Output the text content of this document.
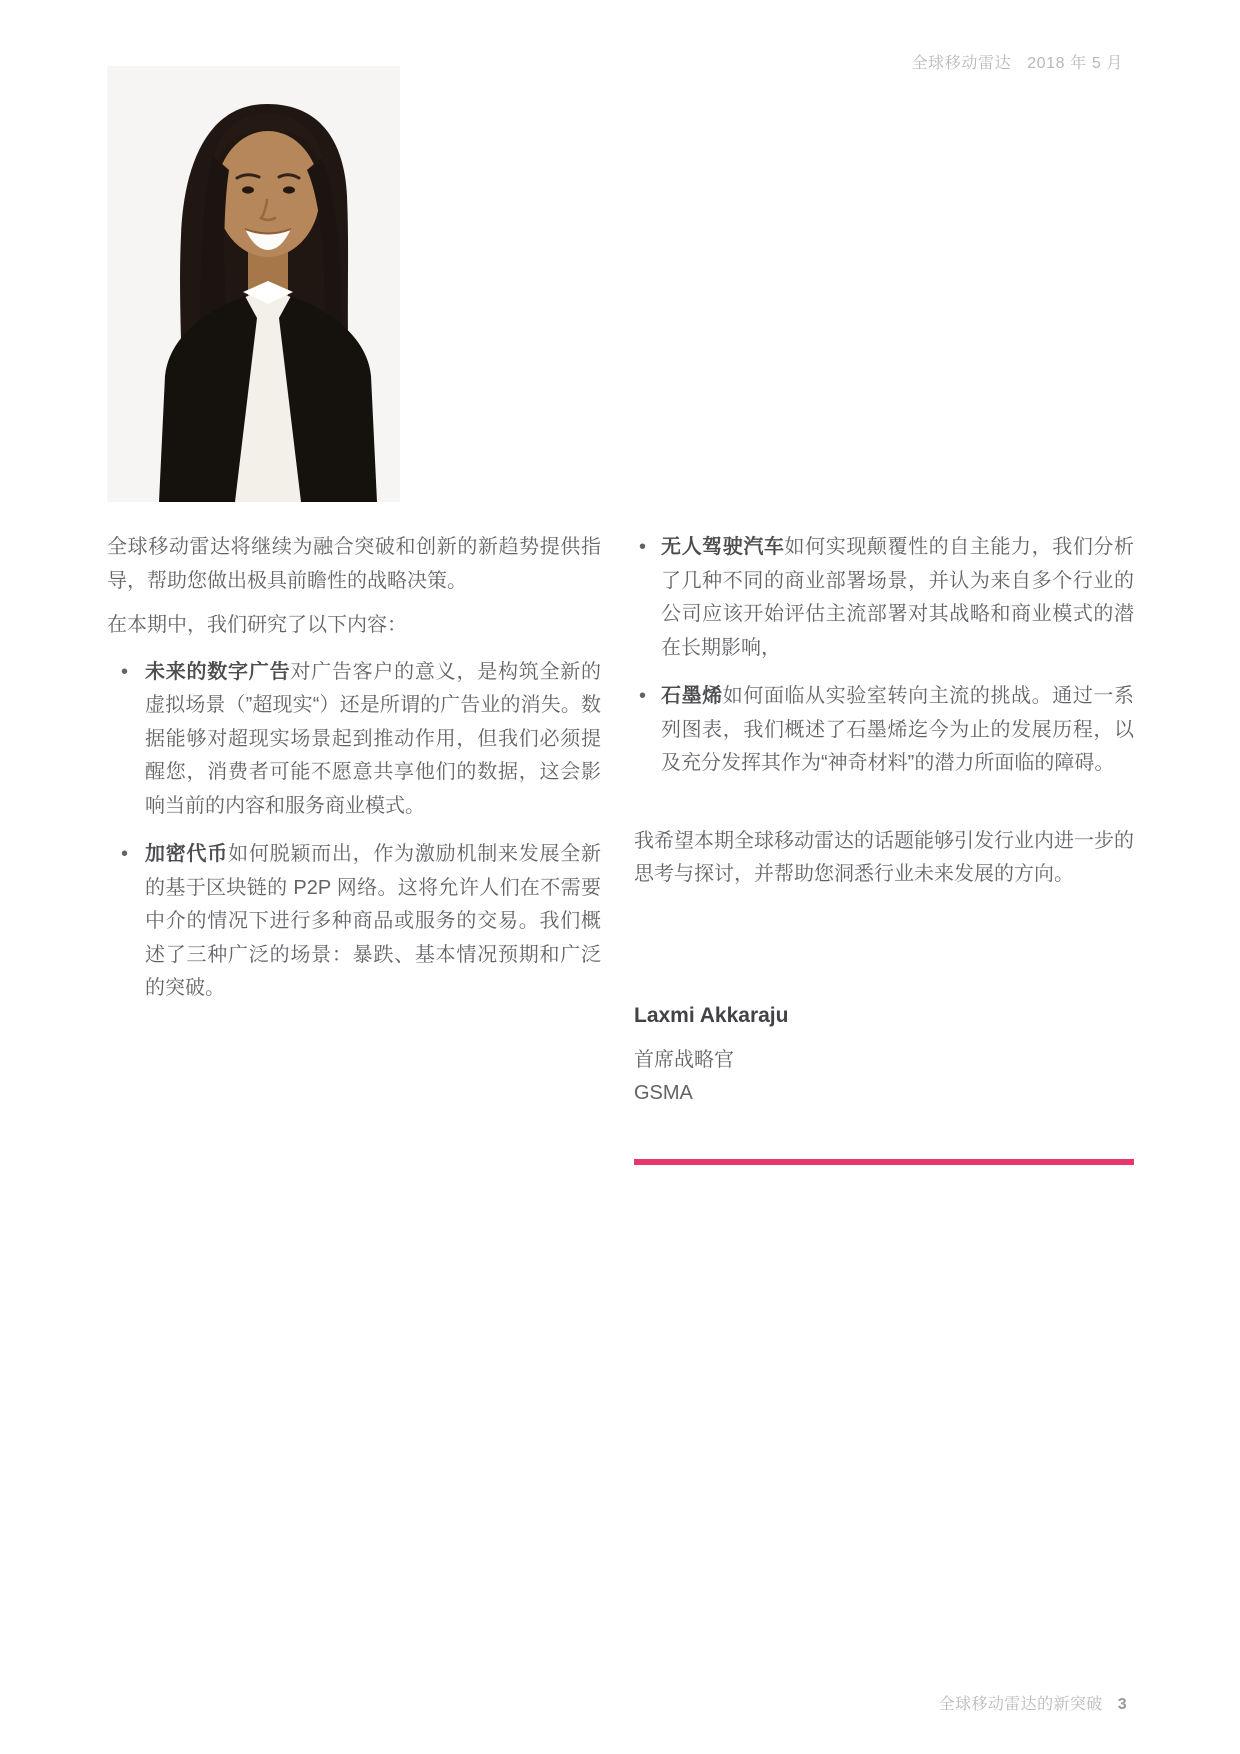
全球移动雷达 2018 年 5 月

全球移动雷达将继续为融合突破和创新的新趋势提供指导，帮助您做出极具前瞻性的战略决策。

在本期中，我们研究了以下内容：

• 未来的数字广告对广告客户的意义，是构筑全新的虚拟场景（”超现实“）还是所谓的广告业的消失。数据能够对超现实场景起到推动作用，但我们必须提醒您，消费者可能不愿意共享他们的数据，这会影响当前的内容和服务商业模式。
• 加密代币如何脱颖而出，作为激励机制来发展全新的基于区块链的 P2P 网络。这将允许人们在不需要中介的情况下进行多种商品或服务的交易。我们概述了三种广泛的场景：暴跌、基本情况预期和广泛的突破。
• 无人驾驶汽车如何实现颠覆性的自主能力，我们分析了几种不同的商业部署场景，并认为来自多个行业的公司应该开始评估主流部署对其战略和商业模式的潜在长期影响，
• 石墨烯如何面临从实验室转向主流的挑战。通过一系列图表，我们概述了石墨烯迄今为止的发展历程，以及充分发挥其作为“神奇材料”的潜力所面临的障碍。

我希望本期全球移动雷达的话题能够引发行业内进一步的思考与探讨，并帮助您洞悉行业未来发展的方向。

Laxmi Akkaraju
首席战略官
GSMA
全球移动雷达的新突破 3
